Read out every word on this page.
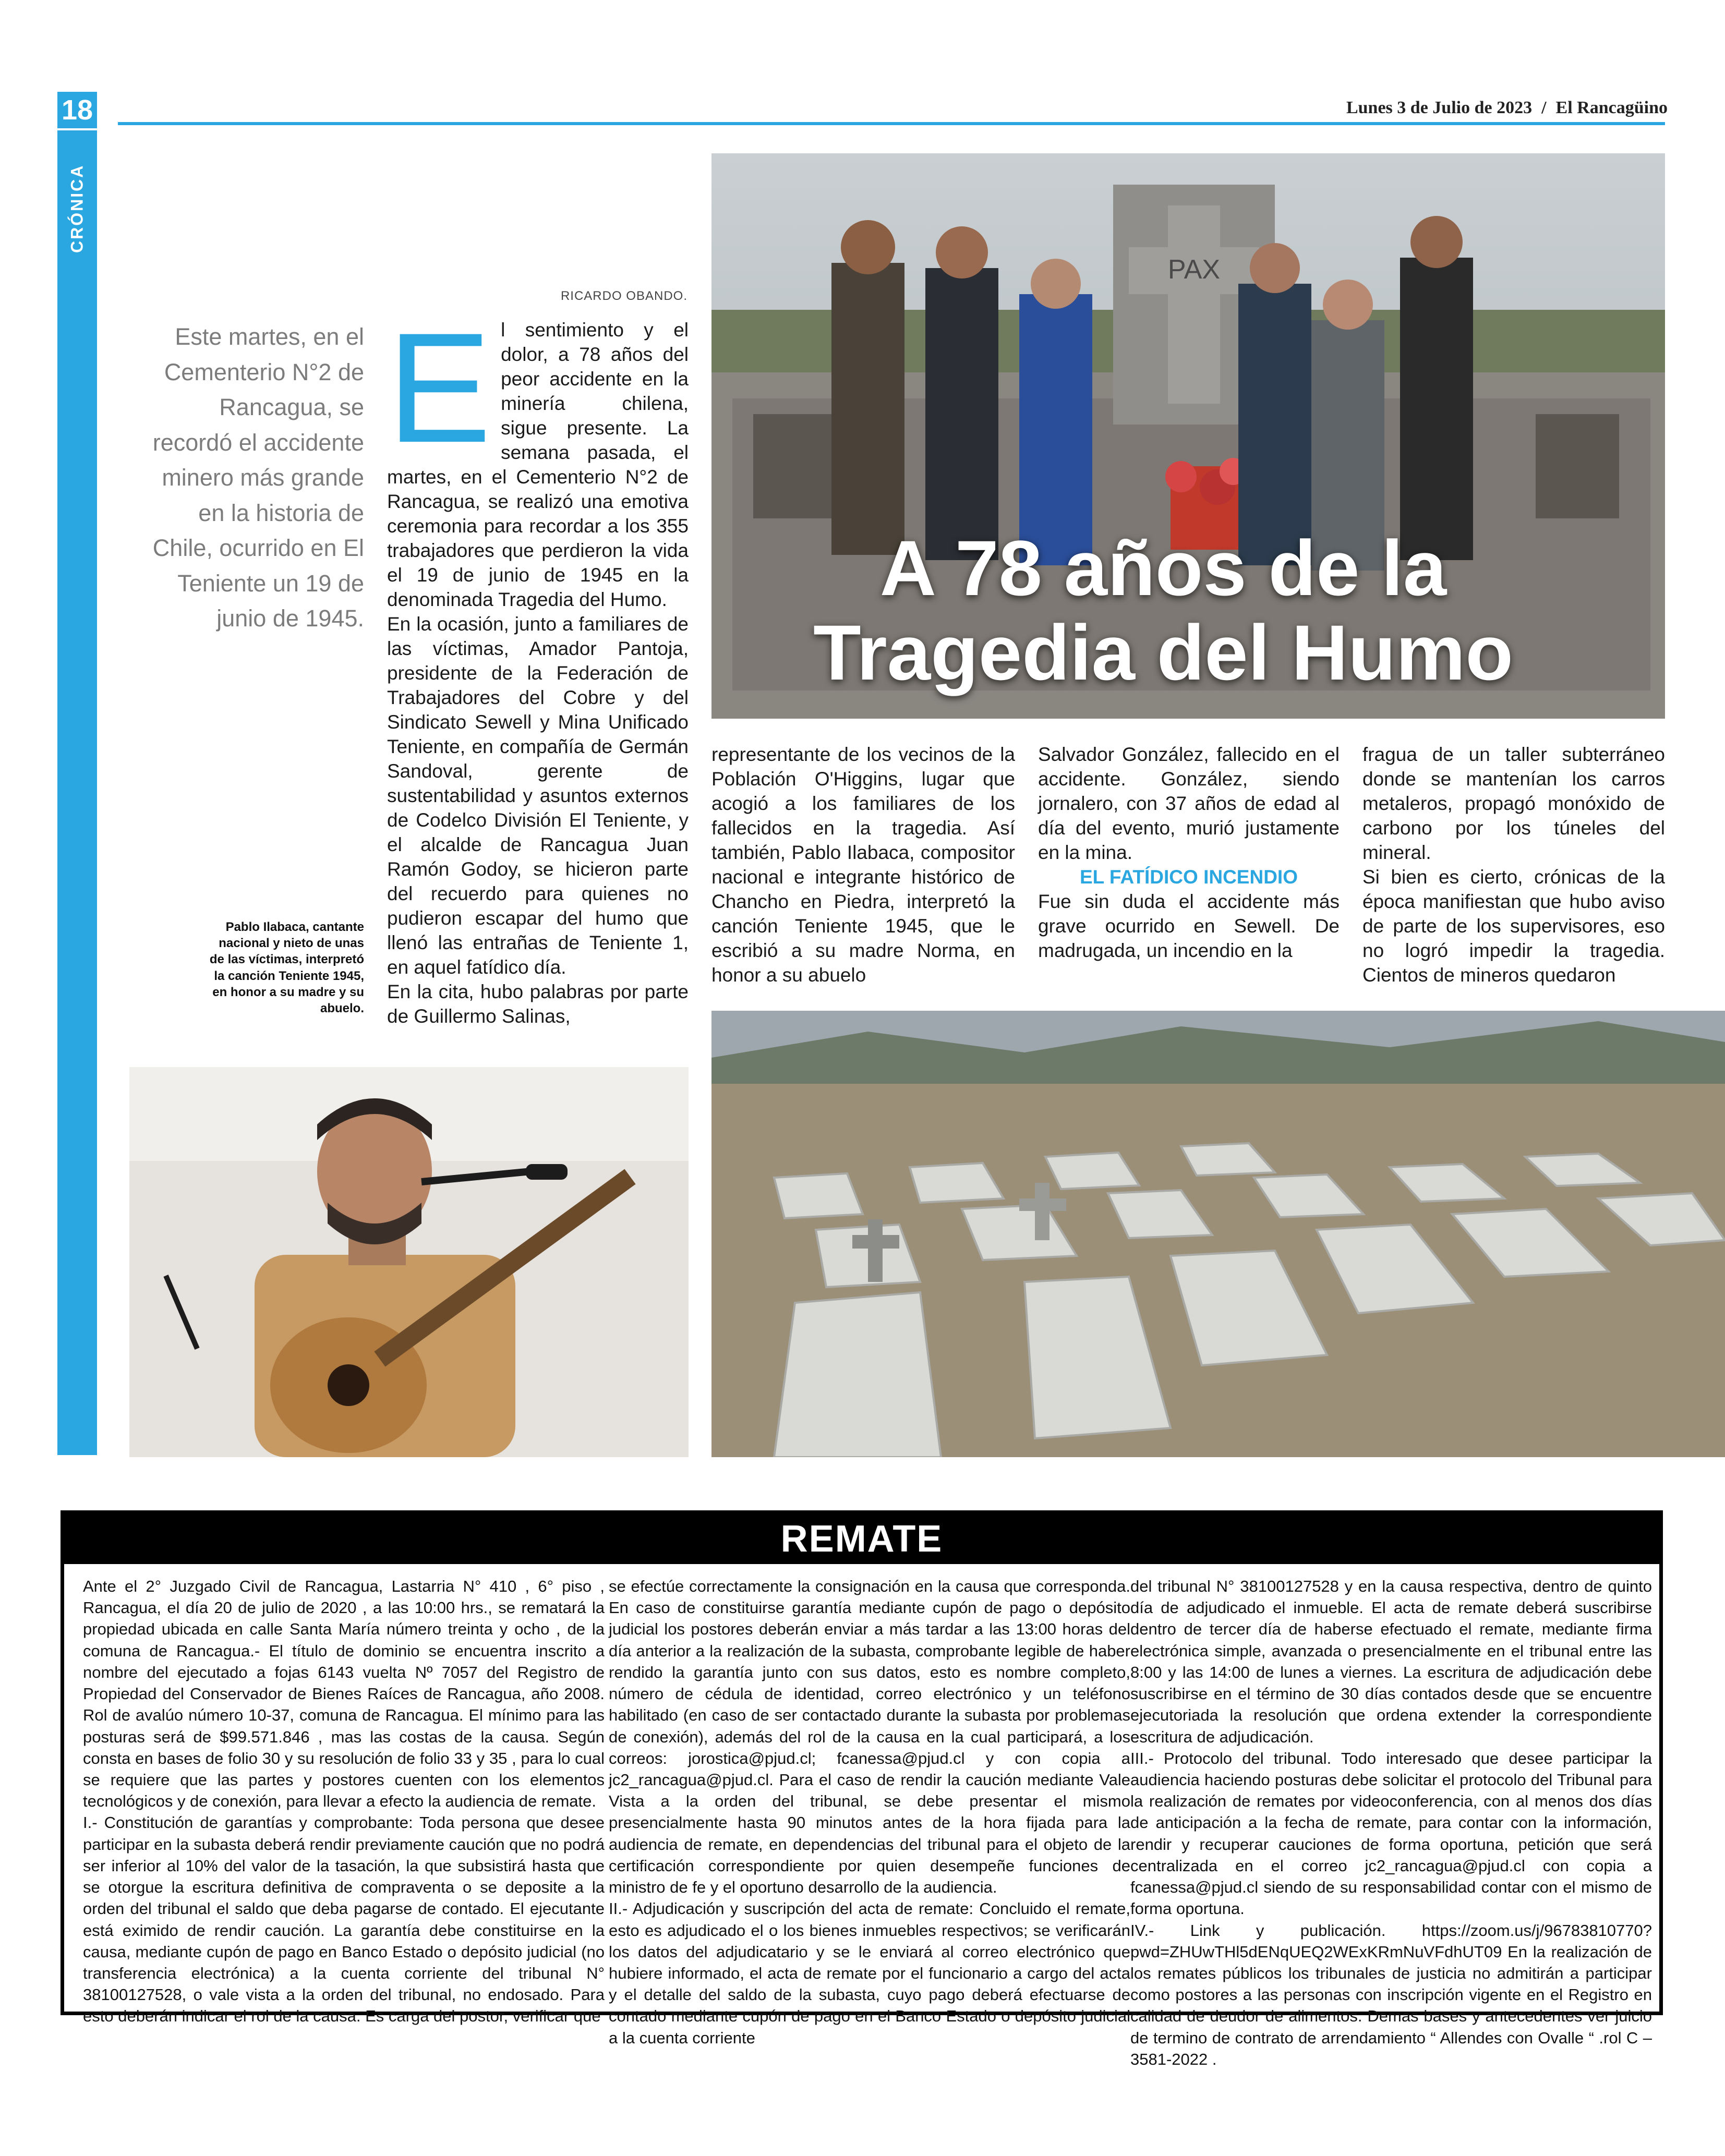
18
CRÓNICA
Lunes 3 de Julio de 2023 / El Rancagüino
RICARDO OBANDO.
Este martes, en el Cementerio N°2 de Rancagua, se recordó el accidente minero más grande en la historia de Chile, ocurrido en El Teniente un 19 de junio de 1945.
E l sentimiento y el dolor, a 78 años del peor accidente en la minería chilena, sigue presente. La semana pasada, el martes, en el Cementerio N°2 de Rancagua, se realizó una emotiva ceremonia para recordar a los 355 trabajadores que perdieron la vida el 19 de junio de 1945 en la denominada Tragedia del Humo.

En la ocasión, junto a familiares de las víctimas, Amador Pantoja, presidente de la Federación de Trabajadores del Cobre y del Sindicato Sewell y Mina Unificado Teniente, en compañía de Germán Sandoval, gerente de sustentabilidad y asuntos externos de Codelco División El Teniente, y el alcalde de Rancagua Juan Ramón Godoy, se hicieron parte del recuerdo para quienes no pudieron escapar del humo que llenó las entrañas de Teniente 1, en aquel fatídico día.

En la cita, hubo palabras por parte de Guillermo Salinas,

Pablo Ilabaca, cantante nacional y nieto de unas de las víctimas, interpretó la canción Teniente 1945, en honor a su madre y su abuelo.
PAX
A 78 años de la
Tragedia del Humo

representante de los vecinos de la Población O'Higgins, lugar que acogió a los familiares de los fallecidos en la tragedia. Así también, Pablo Ilabaca, compositor nacional e integrante histórico de Chancho en Piedra, interpretó la canción Teniente 1945, que le escribió a su madre Norma, en honor a su abuelo

Salvador González, fallecido en el accidente. González, siendo jornalero, con 37 años de edad al día del evento, murió justamente en la mina.

EL FATÍDICO INCENDIO

Fue sin duda el accidente más grave ocurrido en Sewell. De madrugada, un incendio en la

fragua de un taller subterráneo donde se mantenían los carros metaleros, propagó monóxido de carbono por los túneles del mineral.

Si bien es cierto, crónicas de la época manifiestan que hubo aviso de parte de los supervisores, eso no logró impedir la tragedia. Cientos de mineros quedaron

REMATE

Ante el 2° Juzgado Civil de Rancagua, Lastarria N° 410 , 6° piso , Rancagua, el día 20 de julio de 2020 , a las 10:00 hrs., se rematará la propiedad ubicada en calle Santa María número treinta y ocho , de la comuna de Rancagua.- El título de dominio se encuentra inscrito a nombre del ejecutado a fojas 6143 vuelta Nº 7057 del Registro de Propiedad del Conservador de Bienes Raíces de Rancagua, año 2008. Rol de avalúo número 10-37, comuna de Rancagua. El mínimo para las posturas será de $99.571.846 , mas las costas de la causa. Según consta en bases de folio 30 y su resolución de folio 33 y 35 , para lo cual se requiere que las partes y postores cuenten con los elementos tecnológicos y de conexión, para llevar a efecto la audiencia de remate.

I.- Constitución de garantías y comprobante: Toda persona que desee participar en la subasta deberá rendir previamente caución que no podrá ser inferior al 10% del valor de la tasación, la que subsistirá hasta que se otorgue la escritura definitiva de compraventa o se deposite a la orden del tribunal el saldo que deba pagarse de contado. El ejecutante está eximido de rendir caución. La garantía debe constituirse en la causa, mediante cupón de pago en Banco Estado o depósito judicial (no transferencia electrónica) a la cuenta corriente del tribunal N° 38100127528, o vale vista a la orden del tribunal, no endosado. Para esto deberán indicar el rol de la causa. Es carga del postor, verificar que

se efectúe correctamente la consignación en la causa que corresponda. En caso de constituirse garantía mediante cupón de pago o depósito judicial los postores deberán enviar a más tardar a las 13:00 horas del día anterior a la realización de la subasta, comprobante legible de haber rendido la garantía junto con sus datos, esto es nombre completo, número de cédula de identidad, correo electrónico y un teléfono habilitado (en caso de ser contactado durante la subasta por problemas de conexión), además del rol de la causa en la cual participará, a los correos: jorostica@pjud.cl; fcanessa@pjud.cl y con copia a jc2_rancagua@pjud.cl. Para el caso de rendir la caución mediante Vale Vista a la orden del tribunal, se debe presentar el mismo presencialmente hasta 90 minutos antes de la hora fijada para la audiencia de remate, en dependencias del tribunal para el objeto de la certificación correspondiente por quien desempeñe funciones de ministro de fe y el oportuno desarrollo de la audiencia.

II.- Adjudicación y suscripción del acta de remate: Concluido el remate, esto es adjudicado el o los bienes inmuebles respectivos; se verificarán los datos del adjudicatario y se le enviará al correo electrónico que hubiere informado, el acta de remate por el funcionario a cargo del acta y el detalle del saldo de la subasta, cuyo pago deberá efectuarse de contado mediante cupón de pago en el Banco Estado o depósito judicial a la cuenta corriente

del tribunal N° 38100127528 y en la causa respectiva, dentro de quinto día de adjudicado el inmueble. El acta de remate deberá suscribirse dentro de tercer día de haberse efectuado el remate, mediante firma electrónica simple, avanzada o presencialmente en el tribunal entre las 8:00 y las 14:00 de lunes a viernes. La escritura de adjudicación debe suscribirse en el término de 30 días contados desde que se encuentre ejecutoriada la resolución que ordena extender la correspondiente escritura de adjudicación.

III.- Protocolo del tribunal. Todo interesado que desee participar la audiencia haciendo posturas debe solicitar el protocolo del Tribunal para la realización de remates por videoconferencia, con al menos dos días de anticipación a la fecha de remate, para contar con la información, rendir y recuperar cauciones de forma oportuna, petición que será centralizada en el correo jc2_rancagua@pjud.cl con copia a fcanessa@pjud.cl siendo de su responsabilidad contar con el mismo de forma oportuna.

IV.- Link y publicación. https://zoom.us/j/96783810770?pwd=ZHUwTHl5dENqUEQ2WExKRmNuVFdhUT09 En la realización de los remates públicos los tribunales de justicia no admitirán a participar como postores a las personas con inscripción vigente en el Registro en calidad de deudor de alimentos. Demas bases y antecedentes ver juicio de termino de contrato de arrendamiento “ Allendes con Ovalle “ .rol C – 3581-2022 .
